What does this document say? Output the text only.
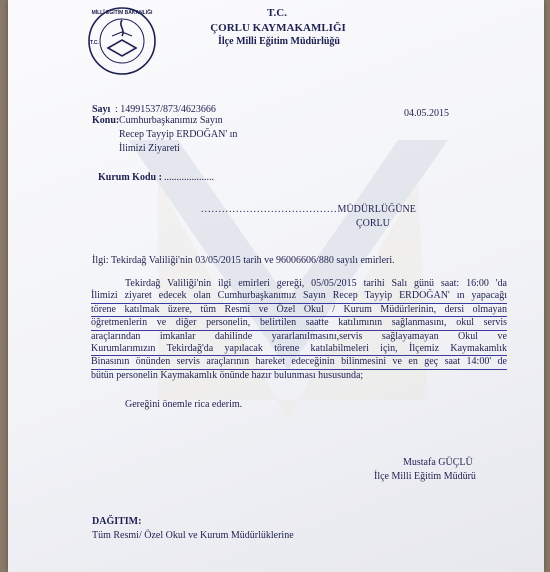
MİLLÎ EĞİTİM BAKANLIĞI
T.C.
T.C.
ÇORLU KAYMAKAMLIĞI
İlçe Milli Eğitim Müdürlüğü
Sayı : 14991537/873/4623666	04.05.2015
Konu: Cumhurbaşkanımız Sayın
Recep Tayyip ERDOĞAN' ın
İlimizi Ziyareti
Kurum Kodu : ....................
.......................................MÜDÜRLÜĞÜNE
ÇORLU
İlgi: Tekirdağ Valiliği'nin 03/05/2015 tarih ve 96006606/880 sayılı emirleri.
Tekirdağ Valiliği'nin ilgi emirleri gereği, 05/05/2015 tarihi Salı günü saat: 16:00 'da
İlimizi ziyaret edecek olan Cumhurbaşkanımız Sayın Recep Tayyip ERDOĞAN' ın yapacağı
törene katılmak üzere, tüm Resmi ve Özel Okul / Kurum Müdürlerinin, dersi olmayan
öğretmenlerin ve diğer personelin, belirtilen saatte katılımının sağlanmasını, okul servis
araçlarından imkanlar dahilinde yararlanılmasını,servis sağlayamayan Okul ve
Kurumlarımızın Tekirdağ'da yapılacak törene katılabilmeleri için, İlçemiz Kaymakamlık
Binasının önünden servis araçlarının hareket edeceğinin bilinmesini ve en geç saat 14:00' de
bütün personelin Kaymakamlık önünde hazır bulunması hususunda;
Gereğini önemle rica ederim.
Mustafa GÜÇLÜ
İlçe Milli Eğitim Müdürü
DAĞITIM:
Tüm Resmi/ Özel Okul ve Kurum Müdürlüklerine
